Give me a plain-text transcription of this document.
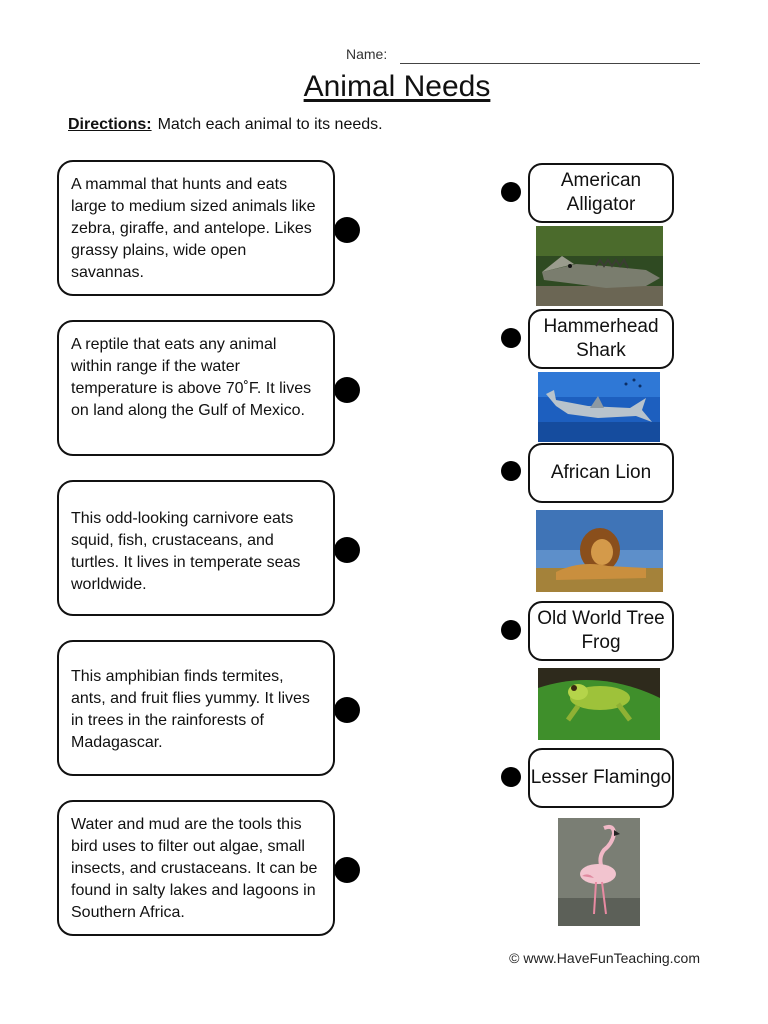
Name:
Animal Needs
Directions: Match each animal to its needs.
A mammal that hunts and eats large to medium sized animals like zebra, giraffe, and antelope. Likes grassy plains, wide open savannas.
A reptile that eats any animal within range if the water temperature is above 70˚F. It lives on land along the Gulf of Mexico.
This odd-looking carnivore eats squid, fish, crustaceans, and turtles. It lives in temperate seas worldwide.
This amphibian finds termites, ants, and fruit flies yummy. It lives in trees in the rainforests of Madagascar.
Water and mud are the tools this bird uses to filter out algae, small insects, and crustaceans. It can be found in salty lakes and lagoons in Southern Africa.
American Alligator
Hammerhead Shark
African Lion
Old World Tree Frog
Lesser Flamingo
© www.HaveFunTeaching.com
